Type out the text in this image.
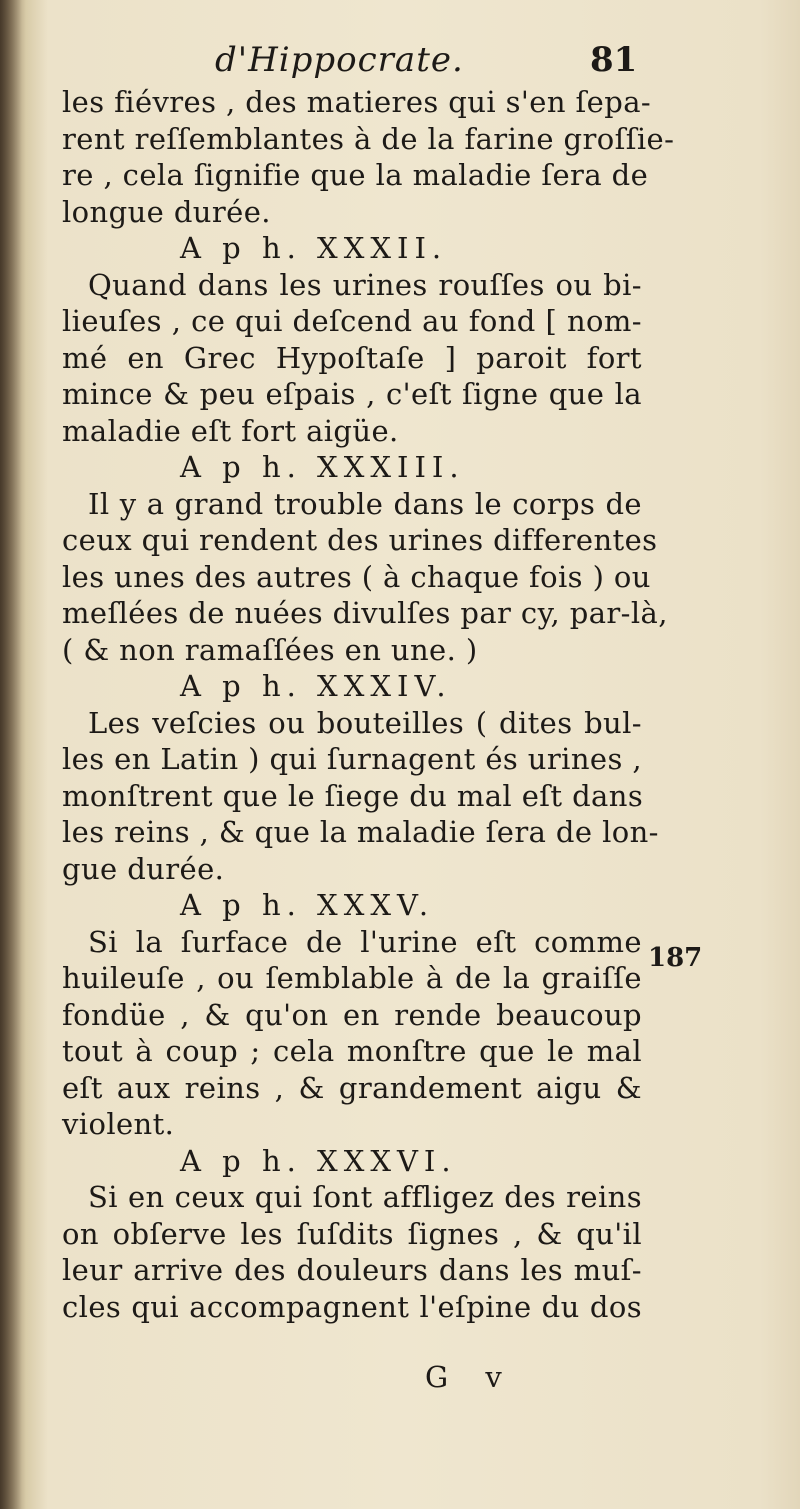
d'Hippocrate.	81
les fiévres , des matieres qui s'en ſepa-
rent reſſemblantes à de la farine groſſie-
re , cela ſignifie que la maladie ſera de
longue durée.
A p h. XXXII.
Quand dans les urines rouſſes ou bi-
lieuſes , ce qui deſcend au fond [ nom-
mé en Grec Hypoſtaſe ] paroit fort
mince & peu eſpais , c'eſt ſigne que la
maladie eſt fort aigüe.
A p h. XXXIII.
Il y a grand trouble dans le corps de
ceux qui rendent des urines differentes
les unes des autres ( à chaque fois ) ou
meſlées de nuées divulſes par cy, par-là,
( & non ramaſſées en une. )
A p h. XXXIV.
Les veſcies ou bouteilles ( dites bul-
les en Latin ) qui ſurnagent és urines ,
monſtrent que le ſiege du mal eſt dans
les reins , & que la maladie ſera de lon-
gue durée.
A p h. XXXV.
Si la ſurface de l'urine eſt comme
huileuſe , ou ſemblable à de la graiſſe
fondüe , & qu'on en rende beaucoup
tout à coup ; cela monſtre que le mal
eſt aux reins , & grandement aigu &
violent.
A p h. XXXVI.
Si en ceux qui ſont affligez des reins
on obſerve les ſuſdits ſignes , & qu'il
leur arrive des douleurs dans les muſ-
cles qui accompagnent l'eſpine du dos
187
G v
